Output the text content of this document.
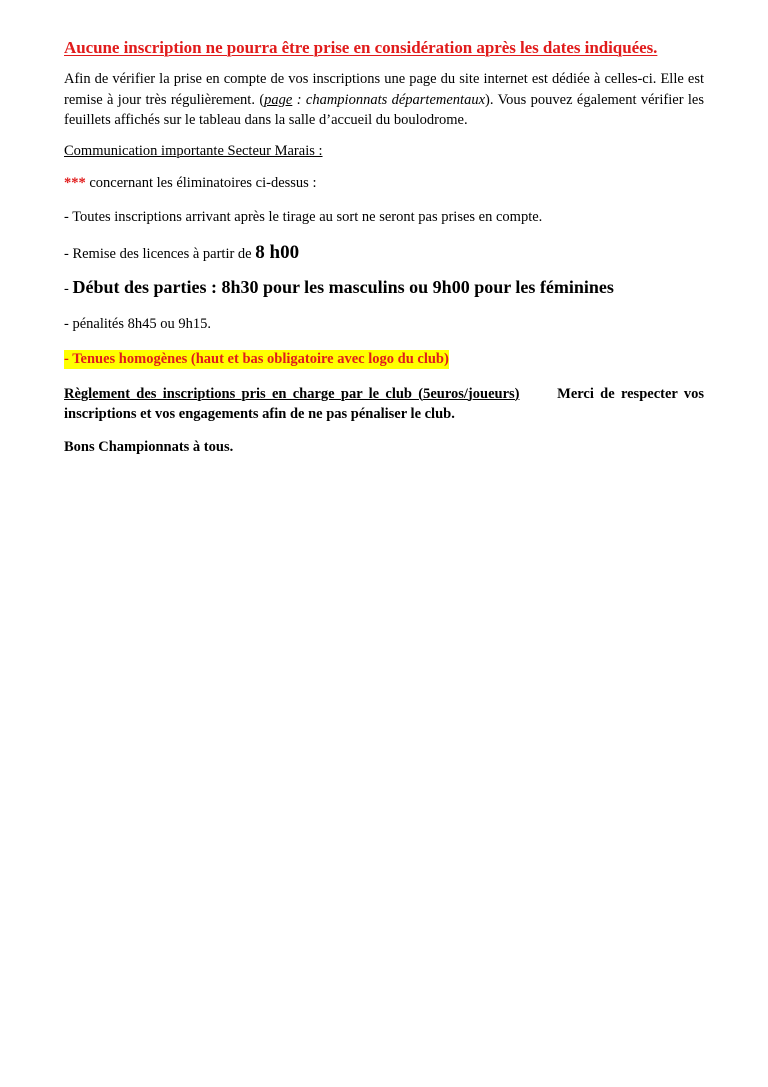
Aucune inscription ne pourra être prise en considération après les dates indiquées.

Afin de vérifier la prise en compte de vos inscriptions une page du site internet est dédiée à celles-ci. Elle est remise à jour très régulièrement. (page : championnats départementaux). Vous pouvez également vérifier les feuillets affichés sur le tableau dans la salle d’accueil du boulodrome.

Communication importante Secteur Marais :

*** concernant les éliminatoires ci-dessus :

- Toutes inscriptions arrivant après le tirage au sort ne seront pas prises en compte.

- Remise des licences à partir de 8 h00

- Début des parties : 8h30 pour les masculins ou 9h00 pour les féminines

- pénalités 8h45 ou 9h15.

- Tenues homogènes (haut et bas obligatoire avec logo du club)

Règlement des inscriptions pris en charge par le club (5euros/joueurs)      Merci de respecter vos inscriptions et vos engagements afin de ne pas pénaliser le club.

Bons Championnats à tous.
